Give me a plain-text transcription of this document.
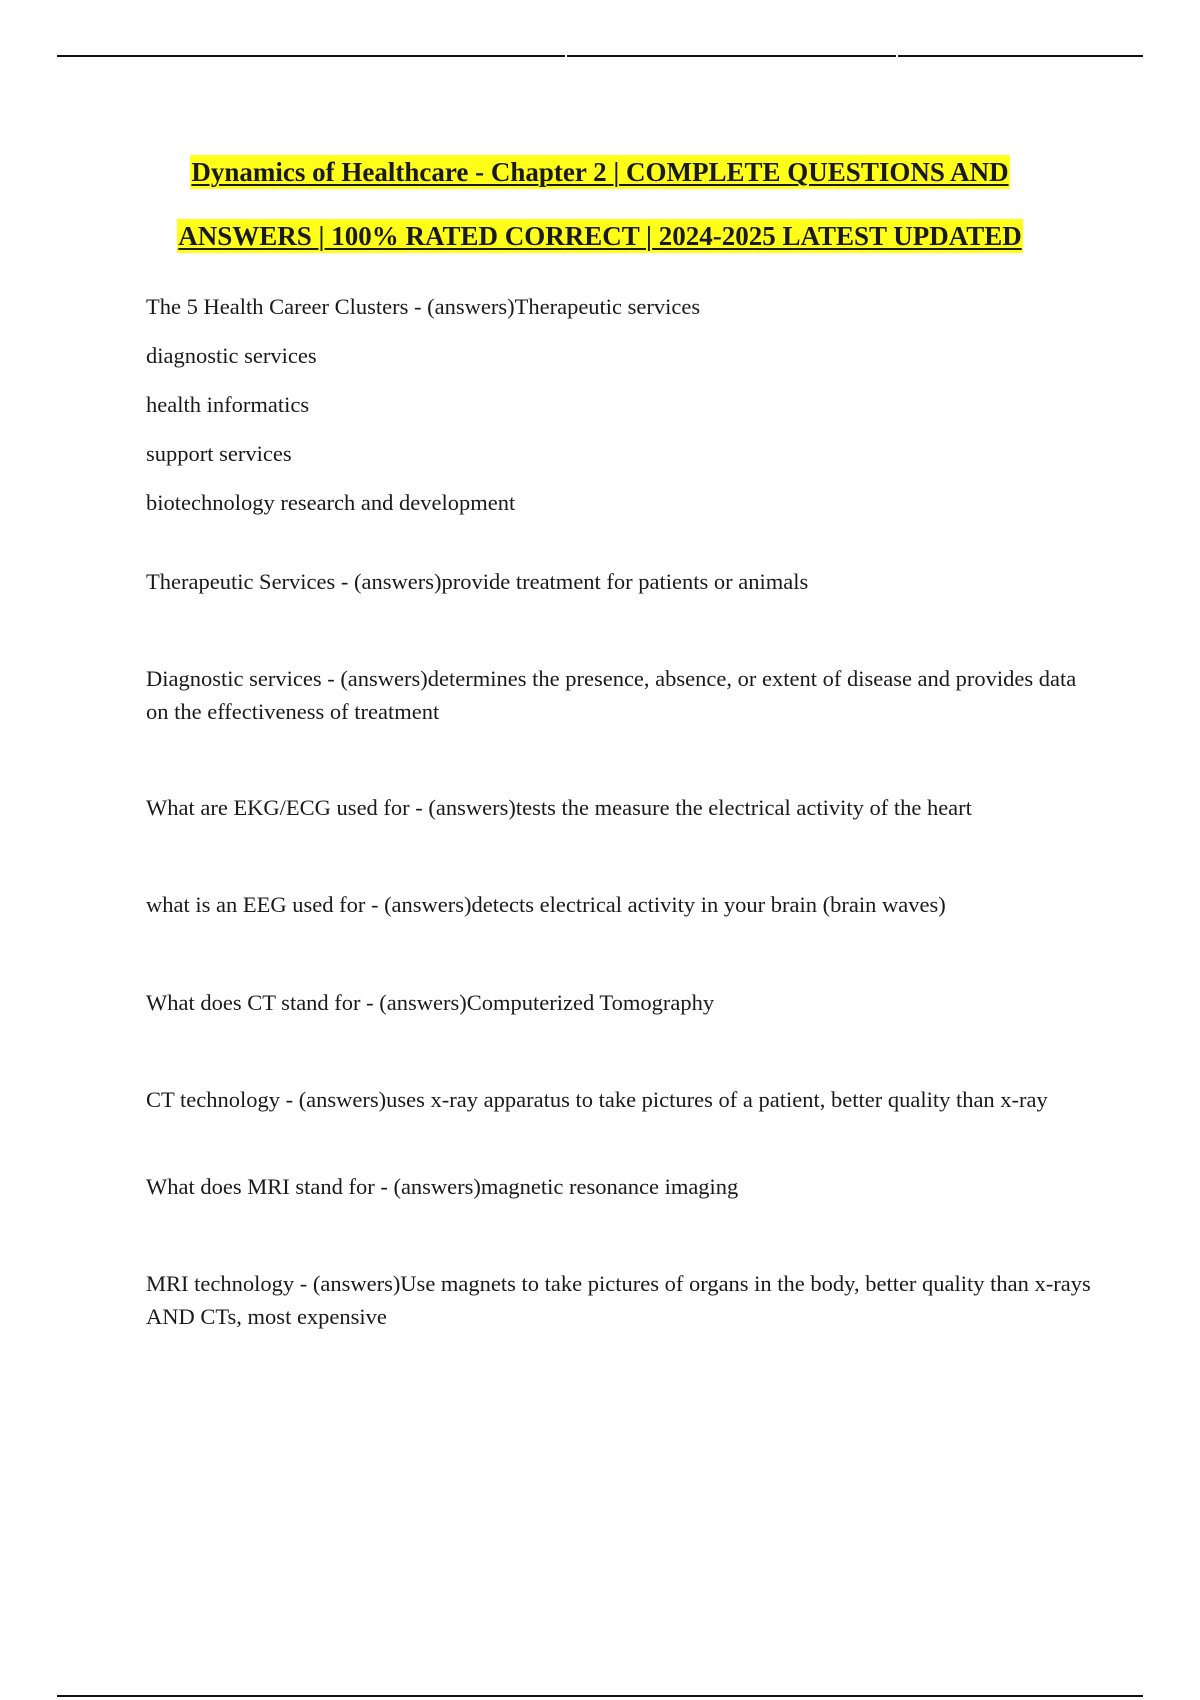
Dynamics of Healthcare - Chapter 2 | COMPLETE QUESTIONS AND
ANSWERS | 100% RATED CORRECT | 2024-2025 LATEST UPDATED

The 5 Health Career Clusters - (answers)Therapeutic services

diagnostic services

health informatics

support services

biotechnology research and development

Therapeutic Services - (answers)provide treatment for patients or animals

Diagnostic services - (answers)determines the presence, absence, or extent of disease and provides data on the effectiveness of treatment

What are EKG/ECG used for - (answers)tests the measure the electrical activity of the heart

what is an EEG used for - (answers)detects electrical activity in your brain (brain waves)

What does CT stand for - (answers)Computerized Tomography

CT technology - (answers)uses x-ray apparatus to take pictures of a patient, better quality than x-ray

What does MRI stand for - (answers)magnetic resonance imaging

MRI technology - (answers)Use magnets to take pictures of organs in the body, better quality than x-rays AND CTs, most expensive
